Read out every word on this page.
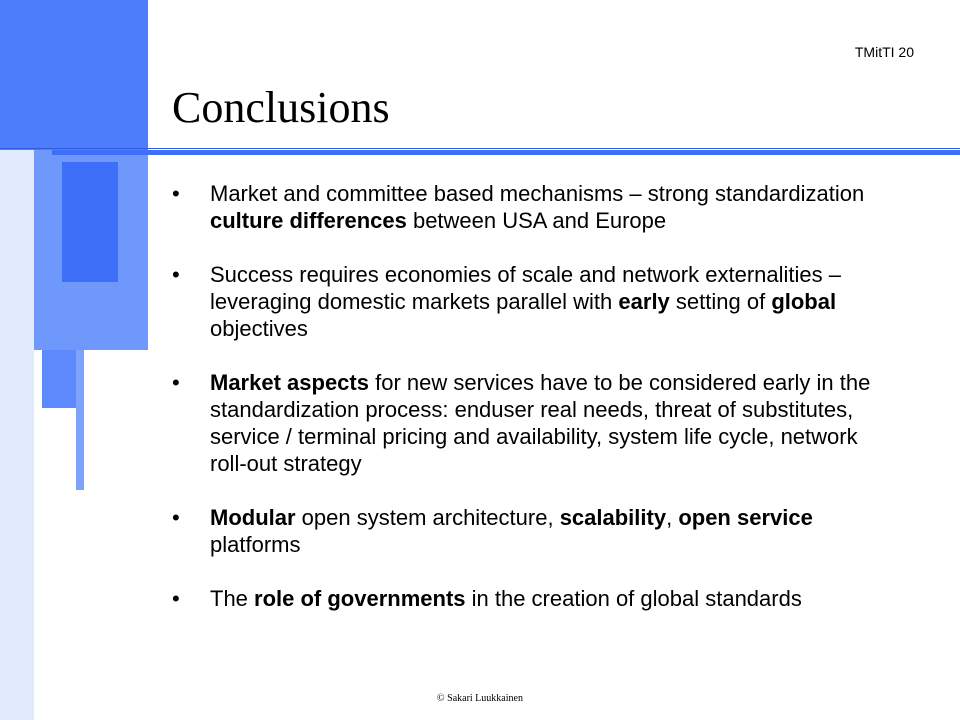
TMitTI 20
Conclusions
• Market and committee based mechanisms – strong standardization culture differences between USA and Europe
• Success requires economies of scale and network externalities – leveraging domestic markets parallel with early setting of global objectives
• Market aspects for new services have to be considered early in the standardization process: enduser real needs, threat of substitutes, service / terminal pricing and availability, system life cycle, network roll-out strategy
• Modular open system architecture, scalability, open service platforms
• The role of governments in the creation of global standards
© Sakari Luukkainen
